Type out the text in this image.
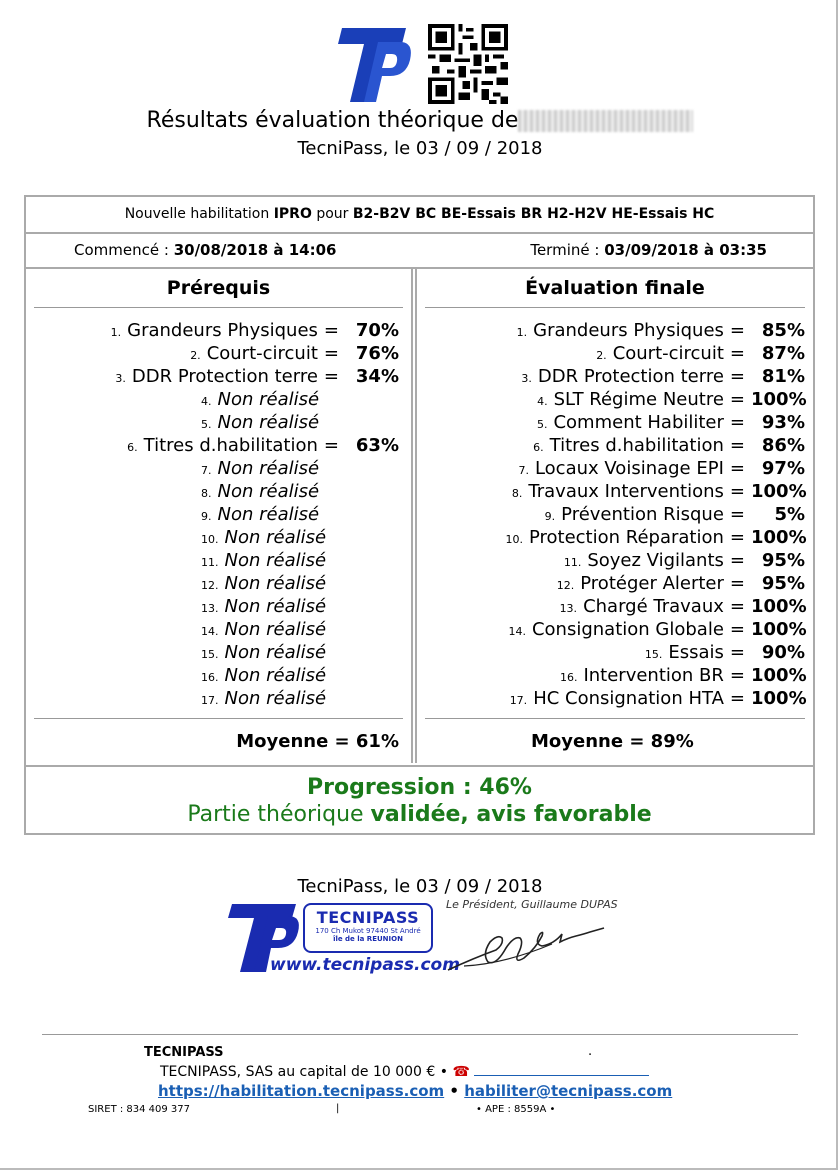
Résultats évaluation théorique de
TecniPass, le 03 / 09 / 2018
Nouvelle habilitation IPRO pour B2-B2V BC BE-Essais BR H2-H2V HE-Essais HC
Commencé : 30/08/2018 à 14:06	Terminé : 03/09/2018 à 03:35
Prérequis
1. Grandeurs Physiques = 70%
2. Court-circuit = 76%
3. DDR Protection terre = 34%
4. Non réalisé
5. Non réalisé
6. Titres d.habilitation = 63%
7. Non réalisé
8. Non réalisé
9. Non réalisé
10. Non réalisé
11. Non réalisé
12. Non réalisé
13. Non réalisé
14. Non réalisé
15. Non réalisé
16. Non réalisé
17. Non réalisé
Moyenne = 61%
Évaluation finale
1. Grandeurs Physiques = 85%
2. Court-circuit = 87%
3. DDR Protection terre = 81%
4. SLT Régime Neutre = 100%
5. Comment Habiliter = 93%
6. Titres d.habilitation = 86%
7. Locaux Voisinage EPI = 97%
8. Travaux Interventions = 100%
9. Prévention Risque =	5%
10. Protection Réparation = 100%
11. Soyez Vigilants = 95%
12. Protéger Alerter = 95%
13. Chargé Travaux = 100%
14. Consignation Globale = 100%
15. Essais = 90%
16. Intervention BR = 100%
17. HC Consignation HTA = 100%
Moyenne = 89%
Progression : 46%
Partie théorique validée, avis favorable
TecniPass, le 03 / 09 / 2018
TECNIPASS
170 Ch Mukot 97440 St André
île de la REUNION
www.tecnipass.com
Le Président, Guillaume DUPAS
TECNIPASS	.
TECNIPASS, SAS au capital de 10 000 € • ☎
https://habilitation.tecnipass.com • habiliter@tecnipass.com
SIRET : 834 409 377	|	• APE : 8559A •
